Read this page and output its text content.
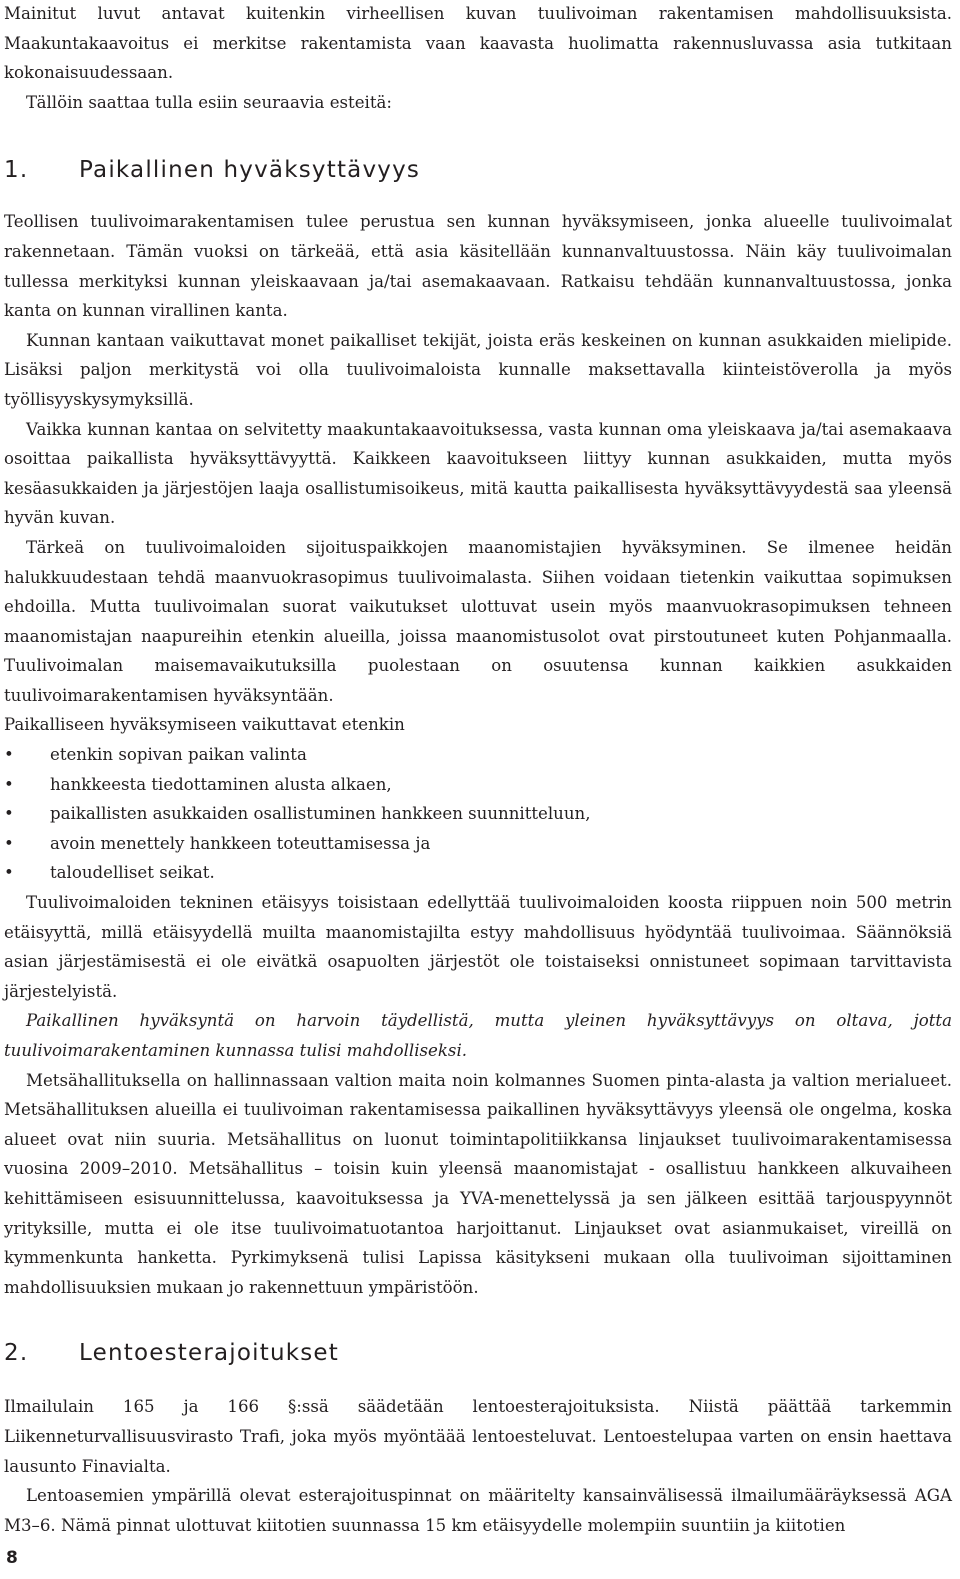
Mainitut luvut antavat kuitenkin virheellisen kuvan tuulivoiman rakentamisen mahdollisuuksista. Maakuntakaavoitus ei merkitse rakentamista vaan kaavasta huolimatta rakennusluvassa asia tutkitaan kokonaisuudessaan.

Tällöin saattaa tulla esiin seuraavia esteitä:

1.	Paikallinen hyväksyttävyys

Teollisen tuulivoimarakentamisen tulee perustua sen kunnan hyväksymiseen, jonka alueelle tuulivoimalat rakennetaan. Tämän vuoksi on tärkeää, että asia käsitellään kunnanvaltuustossa. Näin käy tuulivoimalan tullessa merkityksi kunnan yleiskaavaan ja/tai asemakaavaan. Ratkaisu tehdään kunnanvaltuustossa, jonka kanta on kunnan virallinen kanta.

Kunnan kantaan vaikuttavat monet paikalliset tekijät, joista eräs keskeinen on kunnan asukkaiden mielipide. Lisäksi paljon merkitystä voi olla tuulivoimaloista kunnalle maksettavalla kiinteistöverolla ja myös työllisyyskysymyksillä.

Vaikka kunnan kantaa on selvitetty maakuntakaavoituksessa, vasta kunnan oma yleiskaava ja/tai asemakaava osoittaa paikallista hyväksyttävyyttä. Kaikkeen kaavoitukseen liittyy kunnan asukkaiden, mutta myös kesäasukkaiden ja järjestöjen laaja osallistumisoikeus, mitä kautta paikallisesta hyväksyttävyydestä saa yleensä hyvän kuvan.

Tärkeä on tuulivoimaloiden sijoituspaikkojen maanomistajien hyväksyminen. Se ilmenee heidän halukkuudestaan tehdä maanvuokrasopimus tuulivoimalasta. Siihen voidaan tietenkin vaikuttaa sopimuksen ehdoilla. Mutta tuulivoimalan suorat vaikutukset ulottuvat usein myös maanvuokrasopimuksen tehneen maanomistajan naapureihin etenkin alueilla, joissa maanomistusolot ovat pirstoutuneet kuten Pohjanmaalla. Tuulivoimalan maisemavaikutuksilla puolestaan on osuutensa kunnan kaikkien asukkaiden tuulivoimarakentamisen hyväksyntään.

Paikalliseen hyväksymiseen vaikuttavat etenkin

• etenkin sopivan paikan valinta
• hankkeesta tiedottaminen alusta alkaen,
• paikallisten asukkaiden osallistuminen hankkeen suunnitteluun,
• avoin menettely hankkeen toteuttamisessa ja
• taloudelliset seikat.

Tuulivoimaloiden tekninen etäisyys toisistaan edellyttää tuulivoimaloiden koosta riippuen noin 500 metrin etäisyyttä, millä etäisyydellä muilta maanomistajilta estyy mahdollisuus hyödyntää tuulivoimaa. Säännöksiä asian järjestämisestä ei ole eivätkä osapuolten järjestöt ole toistaiseksi onnistuneet sopimaan tarvittavista järjestelyistä.

Paikallinen hyväksyntä on harvoin täydellistä, mutta yleinen hyväksyttävyys on oltava, jotta tuulivoimarakentaminen kunnassa tulisi mahdolliseksi.

Metsähallituksella on hallinnassaan valtion maita noin kolmannes Suomen pinta-alasta ja valtion merialueet. Metsähallituksen alueilla ei tuulivoiman rakentamisessa paikallinen hyväksyttävyys yleensä ole ongelma, koska alueet ovat niin suuria. Metsähallitus on luonut toimintapolitiikkansa linjaukset tuulivoimarakentamisessa vuosina 2009–2010. Metsähallitus – toisin kuin yleensä maanomistajat - osallistuu hankkeen alkuvaiheen kehittämiseen esisuunnittelussa, kaavoituksessa ja YVA-menettelyssä ja sen jälkeen esittää tarjouspyynnöt yrityksille, mutta ei ole itse tuulivoimatuotantoa harjoittanut. Linjaukset ovat asianmukaiset, vireillä on kymmenkunta hanketta. Pyrkimyksenä tulisi Lapissa käsitykseni mukaan olla tuulivoiman sijoittaminen mahdollisuuksien mukaan jo rakennettuun ympäristöön.

2.	Lentoesterajoitukset

Ilmailulain 165 ja 166 §:ssä säädetään lentoesterajoituksista. Niistä päättää tarkemmin Liikenneturvallisuusvirasto Trafi, joka myös myöntäää lentoesteluvat. Lentoestelupaa varten on ensin haettava lausunto Finavialta.

Lentoasemien ympärillä olevat esterajoituspinnat on määritelty kansainvälisessä ilmailumääräyksessä AGA M3–6. Nämä pinnat ulottuvat kiitotien suunnassa 15 km etäisyydelle molempiin suuntiin ja kiitotien

8
